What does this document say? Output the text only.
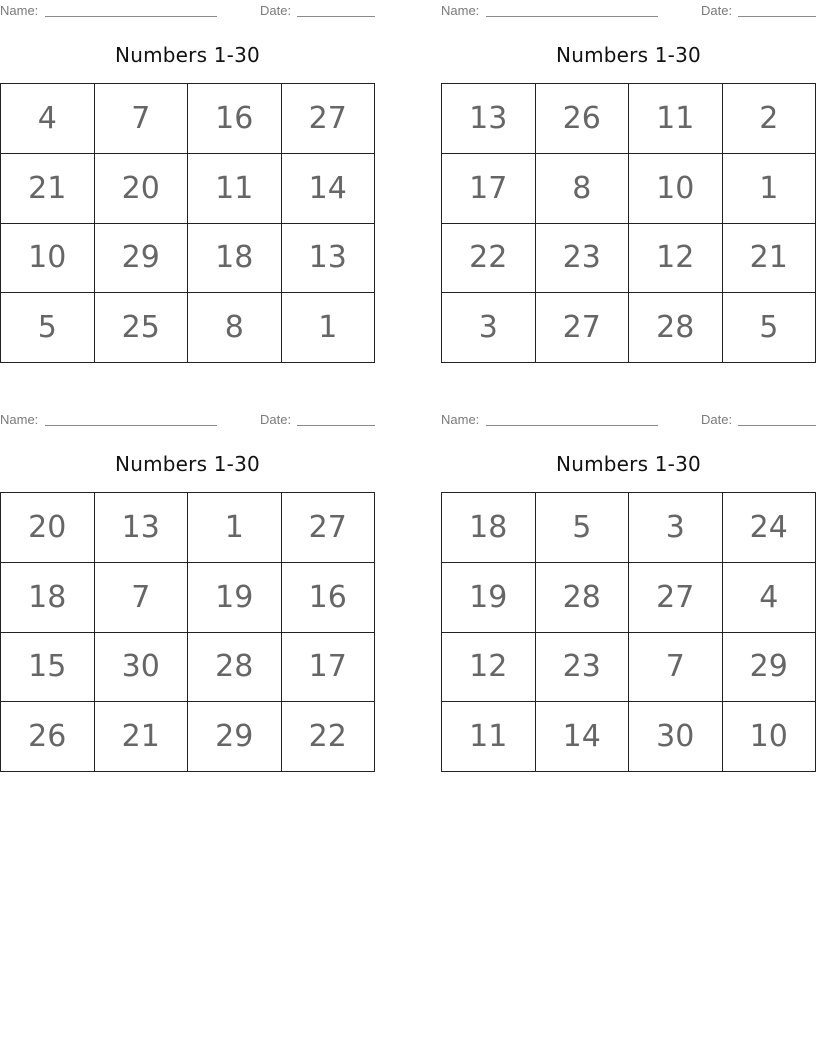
Name:	Date:
Numbers 1-30
4	7	16	27
21	20	11	14
10	29	18	13
5	25	8	1
Name:	Date:
Numbers 1-30
13	26	11	2
17	8	10	1
22	23	12	21
3	27	28	5
Name:	Date:
Numbers 1-30
20	13	1	27
18	7	19	16
15	30	28	17
26	21	29	22
Name:	Date:
Numbers 1-30
18	5	3	24
19	28	27	4
12	23	7	29
11	14	30	10
